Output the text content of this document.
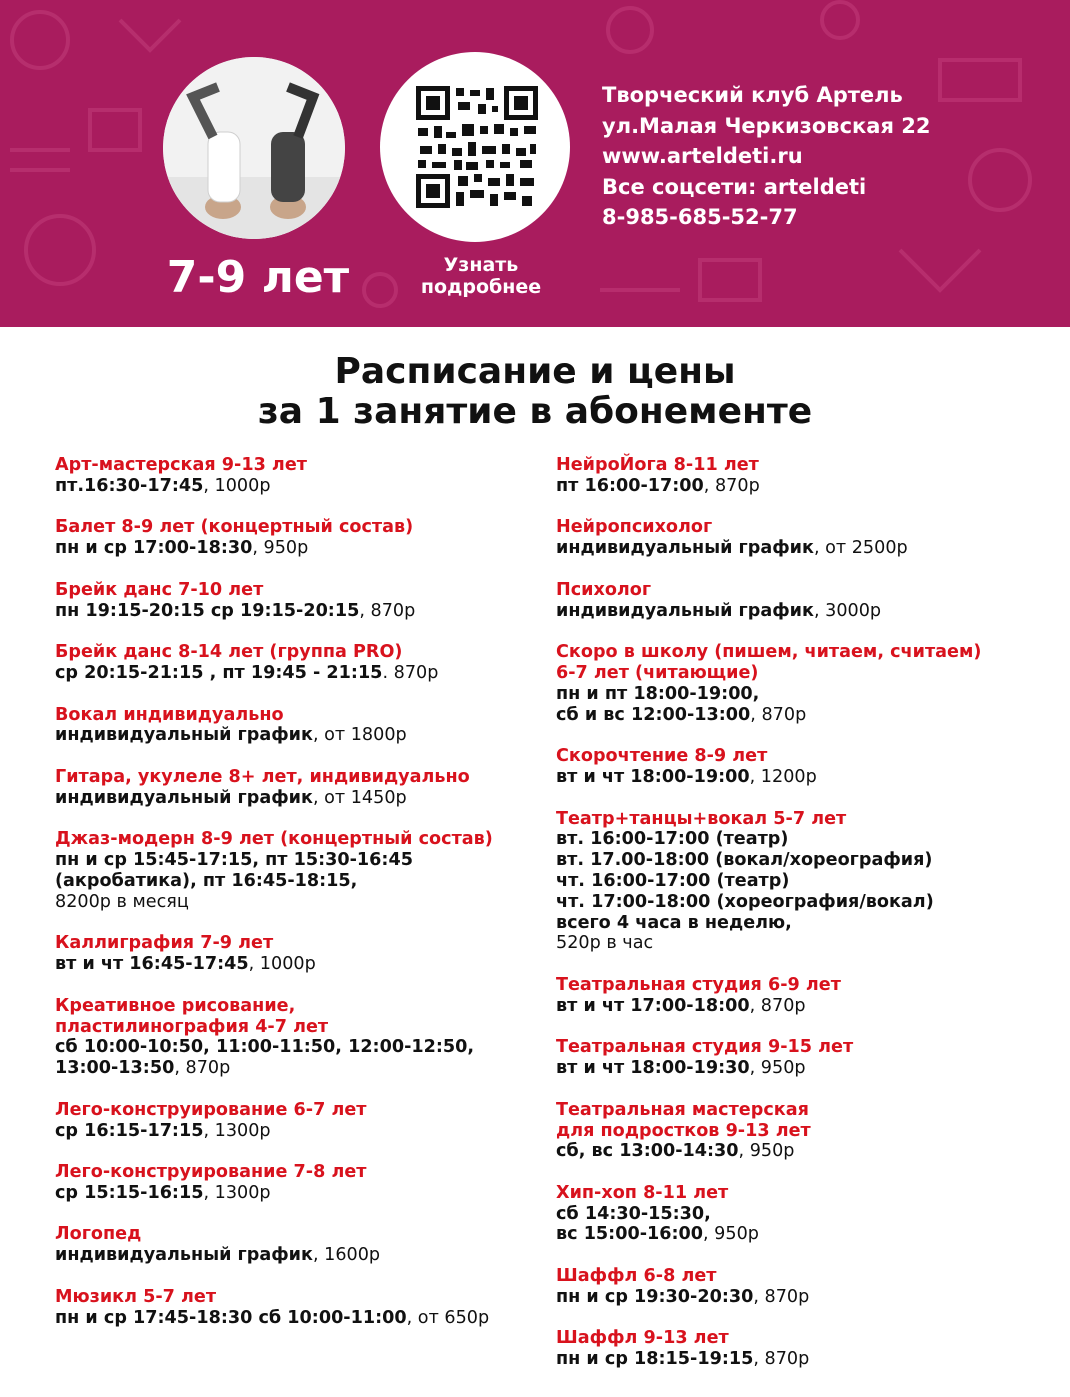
7-9 лет	Узнать подробнее
Творческий клуб Артель
ул.Малая Черкизовская 22
www.arteldeti.ru
Все соцсети: arteldeti
8-985-685-52-77
Расписание и цены
за 1 занятие в абонементе
Арт-мастерская 9-13 лет
пт.16:30-17:45, 1000р
Балет 8-9 лет (концертный состав)
пн и ср 17:00-18:30, 950р
Брейк данс 7-10 лет
пн 19:15-20:15 ср 19:15-20:15, 870р
Брейк данс 8-14 лет (группа PRO)
ср 20:15-21:15 , пт 19:45 - 21:15. 870р
Вокал индивидуально
индивидуальный график, от 1800р
Гитара, укулеле 8+ лет, индивидуально
индивидуальный график, от 1450р
Джаз-модерн 8-9 лет (концертный состав)
пн и ср 15:45-17:15, пт 15:30-16:45
(акробатика), пт 16:45-18:15,
8200р в месяц
Каллиграфия 7-9 лет
вт и чт 16:45-17:45, 1000р
Креативное рисование,
пластилинография 4-7 лет
сб 10:00-10:50, 11:00-11:50, 12:00-12:50,
13:00-13:50, 870р
Лего-конструирование 6-7 лет
ср 16:15-17:15, 1300р
Лего-конструирование 7-8 лет
ср 15:15-16:15, 1300р
Логопед
индивидуальный график, 1600р
Мюзикл 5-7 лет
пн и ср 17:45-18:30 сб 10:00-11:00, от 650р
НейроЙога 8-11 лет
пт 16:00-17:00, 870р
Нейропсихолог
индивидуальный график, от 2500р
Психолог
индивидуальный график, 3000р
Скоро в школу (пишем, читаем, считаем)
6-7 лет (читающие)
пн и пт 18:00-19:00,
сб и вс 12:00-13:00, 870р
Скорочтение 8-9 лет
вт и чт 18:00-19:00, 1200р
Театр+танцы+вокал 5-7 лет
вт. 16:00-17:00 (театр)
вт. 17.00-18:00 (вокал/хореография)
чт. 16:00-17:00 (театр)
чт. 17:00-18:00 (хореография/вокал)
всего 4 часа в неделю,
520р в час
Театральная студия 6-9 лет
вт и чт 17:00-18:00, 870р
Театральная студия 9-15 лет
вт и чт 18:00-19:30, 950р
Театральная мастерская
для подростков 9-13 лет
сб, вс 13:00-14:30, 950р
Хип-хоп 8-11 лет
сб 14:30-15:30,
вс 15:00-16:00, 950р
Шаффл 6-8 лет
пн и ср 19:30-20:30, 870р
Шаффл 9-13 лет
пн и ср 18:15-19:15, 870р
